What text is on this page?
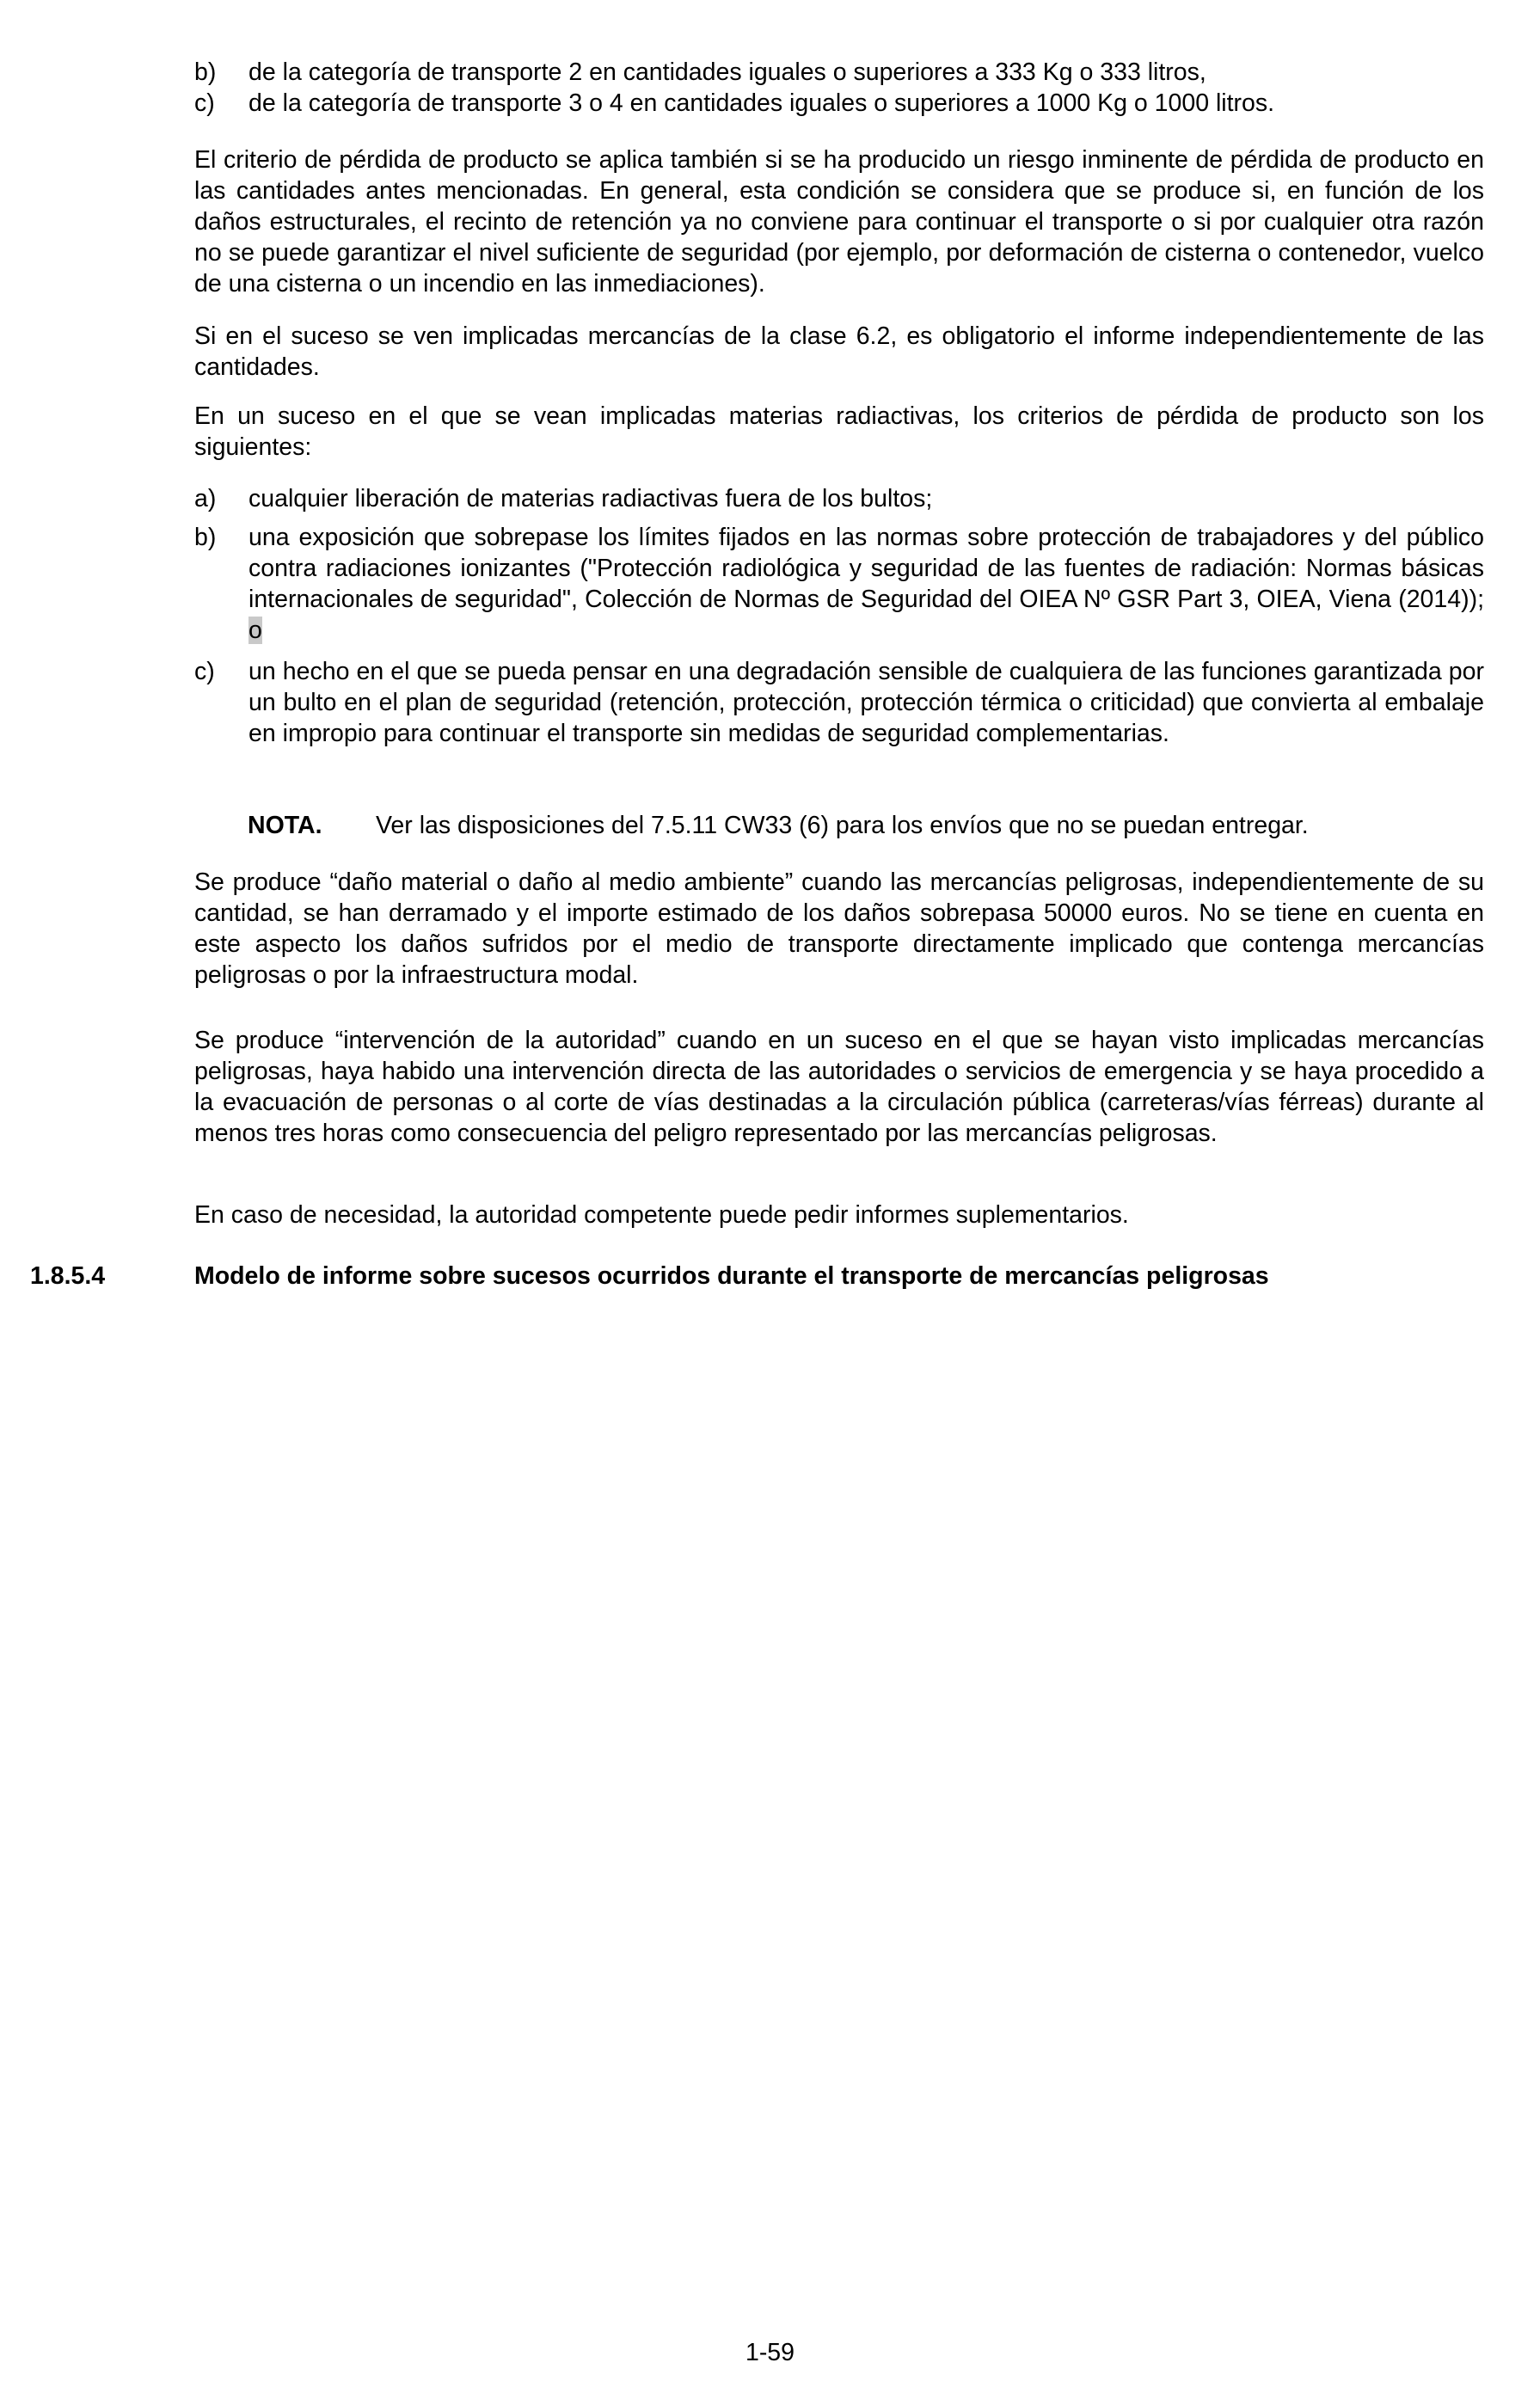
b) de la categoría de transporte 2 en cantidades iguales o superiores a 333 Kg o 333 litros,
c) de la categoría de transporte 3 o 4 en cantidades iguales o superiores a 1000 Kg o 1000 litros.

El criterio de pérdida de producto se aplica también si se ha producido un riesgo inminente de pérdida de producto en las cantidades antes mencionadas. En general, esta condición se considera que se produce si, en función de los daños estructurales, el recinto de retención ya no conviene para continuar el transporte o si por cualquier otra razón no se puede garantizar el nivel suficiente de seguridad (por ejemplo, por deformación de cisterna o contenedor, vuelco de una cisterna o un incendio en las inmediaciones).

Si en el suceso se ven implicadas mercancías de la clase 6.2, es obligatorio el informe independientemente de las cantidades.

En un suceso en el que se vean implicadas materias radiactivas, los criterios de pérdida de producto son los siguientes:

a) cualquier liberación de materias radiactivas fuera de los bultos;
b) una exposición que sobrepase los límites fijados en las normas sobre protección de trabajadores y del público contra radiaciones ionizantes ("Protección radiológica y seguridad de las fuentes de radiación: Normas básicas internacionales de seguridad", Colección de Normas de Seguridad del OIEA Nº GSR Part 3, OIEA, Viena (2014)); o
c) un hecho en el que se pueda pensar en una degradación sensible de cualquiera de las funciones garantizada por un bulto en el plan de seguridad (retención, protección, protección térmica o criticidad) que convierta al embalaje en impropio para continuar el transporte sin medidas de seguridad complementarias.
NOTA. Ver las disposiciones del 7.5.11 CW33 (6) para los envíos que no se puedan entregar.

Se produce “daño material o daño al medio ambiente” cuando las mercancías peligrosas, independientemente de su cantidad, se han derramado y el importe estimado de los daños sobrepasa 50000 euros. No se tiene en cuenta en este aspecto los daños sufridos por el medio de transporte directamente implicado que contenga mercancías peligrosas o por la infraestructura modal.

Se produce “intervención de la autoridad” cuando en un suceso en el que se hayan visto implicadas mercancías peligrosas, haya habido una intervención directa de las autoridades o servicios de emergencia y se haya procedido a la evacuación de personas o al corte de vías destinadas a la circulación pública (carreteras/vías férreas) durante al menos tres horas como consecuencia del peligro representado por las mercancías peligrosas.

En caso de necesidad, la autoridad competente puede pedir informes suplementarios.

1.8.5.4	Modelo de informe sobre sucesos ocurridos durante el transporte de mercancías peligrosas
1-59
